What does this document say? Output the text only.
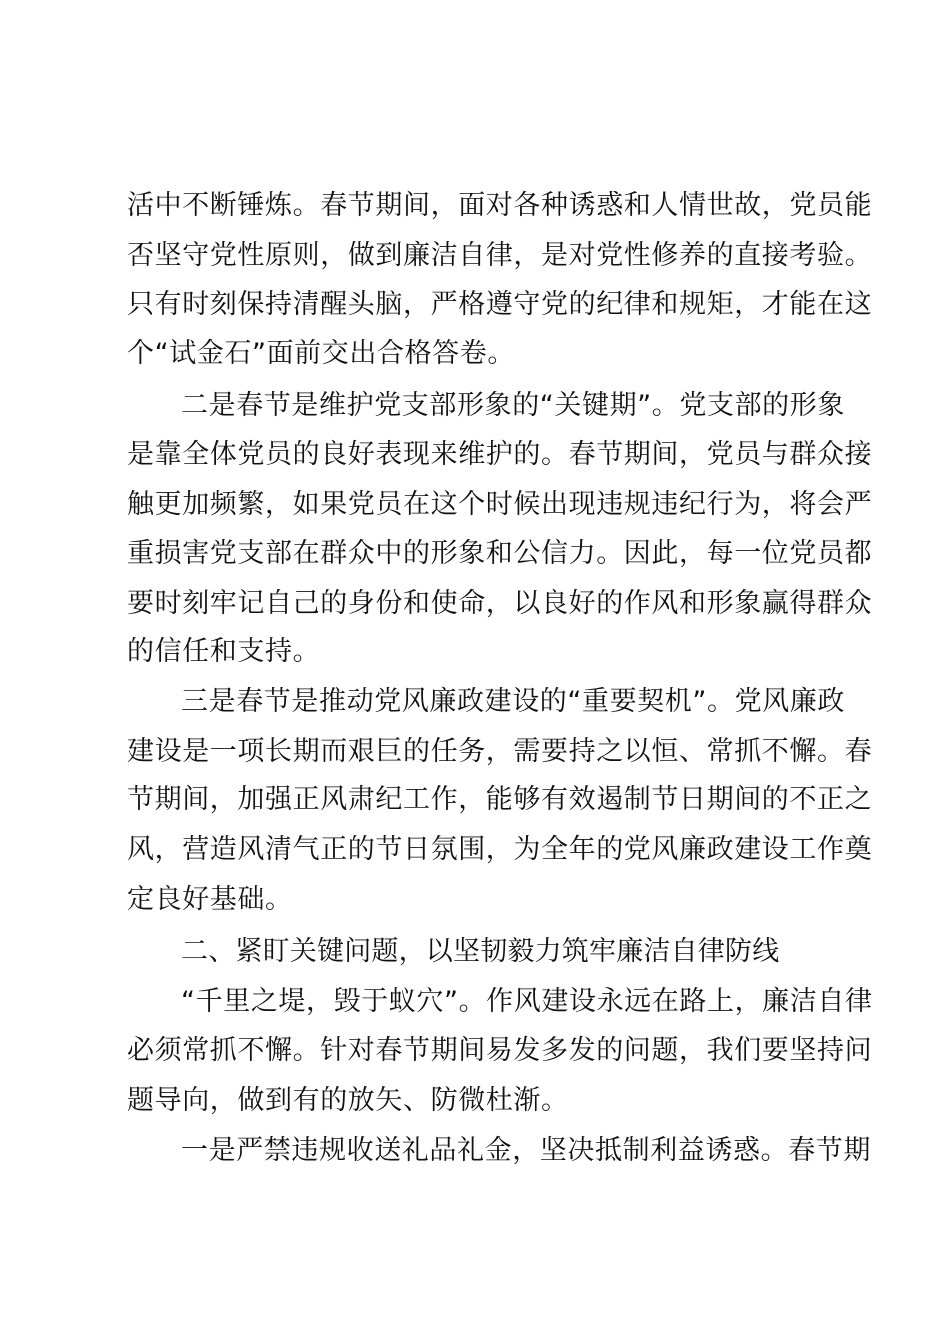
活中不断锤炼。春节期间，面对各种诱惑和人情世故，党员能
否坚守党性原则，做到廉洁自律，是对党性修养的直接考验。
只有时刻保持清醒头脑，严格遵守党的纪律和规矩，才能在这
个“试金石”面前交出合格答卷。
二是春节是维护党支部形象的“关键期”。党支部的形象
是靠全体党员的良好表现来维护的。春节期间，党员与群众接
触更加频繁，如果党员在这个时候出现违规违纪行为，将会严
重损害党支部在群众中的形象和公信力。因此，每一位党员都
要时刻牢记自己的身份和使命，以良好的作风和形象赢得群众
的信任和支持。
三是春节是推动党风廉政建设的“重要契机”。党风廉政
建设是一项长期而艰巨的任务，需要持之以恒、常抓不懈。春
节期间，加强正风肃纪工作，能够有效遏制节日期间的不正之
风，营造风清气正的节日氛围，为全年的党风廉政建设工作奠
定良好基础。
二、紧盯关键问题，以坚韧毅力筑牢廉洁自律防线
“千里之堤，毁于蚁穴”。作风建设永远在路上，廉洁自律
必须常抓不懈。针对春节期间易发多发的问题，我们要坚持问
题导向，做到有的放矢、防微杜渐。
一是严禁违规收送礼品礼金，坚决抵制利益诱惑。春节期
